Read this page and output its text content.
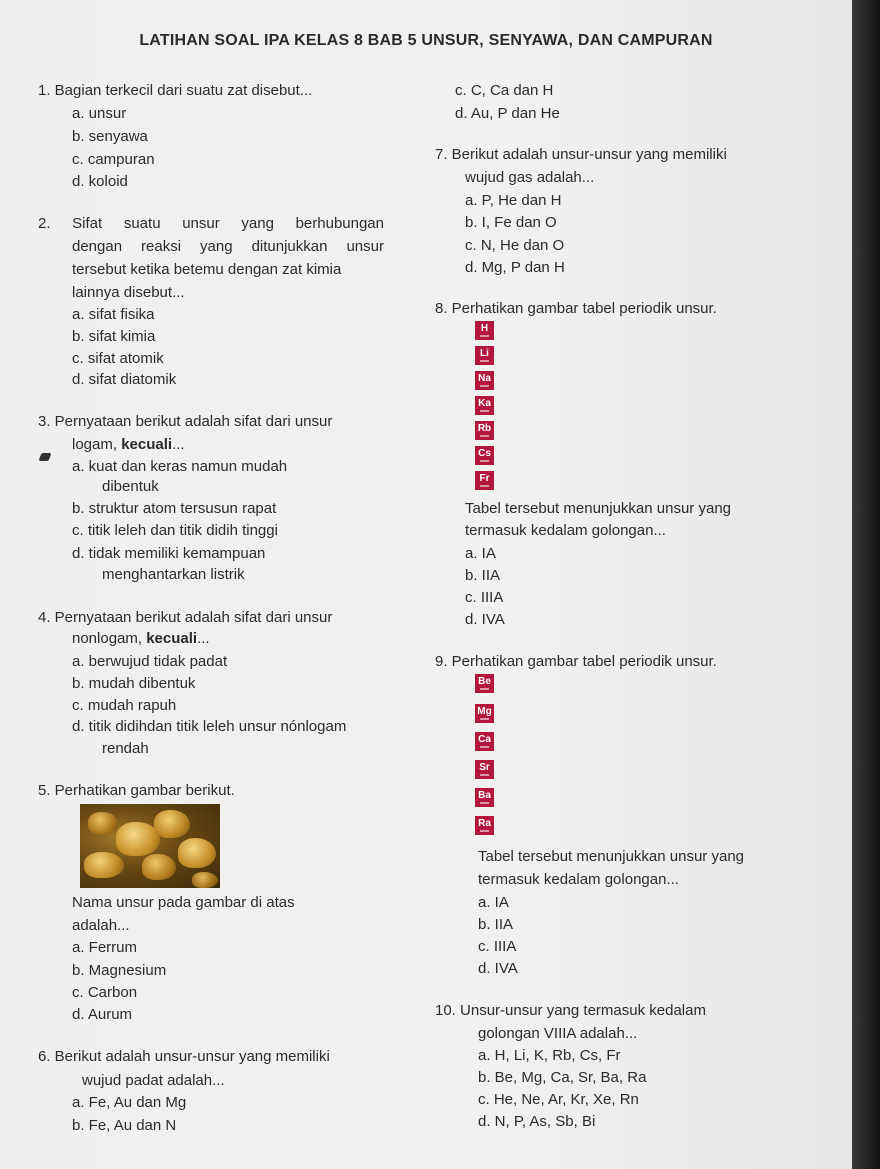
LATIHAN SOAL IPA KELAS 8 BAB 5 UNSUR, SENYAWA, DAN CAMPURAN
1. Bagian terkecil dari suatu zat disebut...
a. unsur
b. senyawa
c. campuran
d. koloid
2. Sifat suatu unsur yang berhubungan
dengan reaksi yang ditunjukkan unsur
tersebut ketika betemu dengan zat kimia
lainnya disebut...
a. sifat fisika
b. sifat kimia
c. sifat atomik
d. sifat diatomik
3. Pernyataan berikut adalah sifat dari unsur
logam, kecuali...
a. kuat dan keras namun mudah
dibentuk
b. struktur atom tersusun rapat
c. titik leleh dan titik didih tinggi
d. tidak memiliki kemampuan
menghantarkan listrik
4. Pernyataan berikut adalah sifat dari unsur
nonlogam, kecuali...
a. berwujud tidak padat
b. mudah dibentuk
c. mudah rapuh
d. titik didihdan titik leleh unsur nónlogam
rendah
5. Perhatikan gambar berikut.
Nama unsur pada gambar di atas
adalah...
a. Ferrum
b. Magnesium
c. Carbon
d. Aurum
6. Berikut adalah unsur-unsur yang memiliki
wujud padat adalah...
a. Fe, Au dan Mg
b. Fe, Au dan N
c. C, Ca dan H
d. Au, P dan He
7. Berikut adalah unsur-unsur yang memiliki
wujud gas adalah...
a. P, He dan H
b. I, Fe dan O
c. N, He dan O
d. Mg, P dan H
8. Perhatikan gambar tabel periodik unsur.
H
Li
Na
Ka
Rb
Cs
Fr
Tabel tersebut menunjukkan unsur yang
termasuk kedalam golongan...
a. IA
b. IIA
c. IIIA
d. IVA
9. Perhatikan gambar tabel periodik unsur.
Be
Mg
Ca
Sr
Ba
Ra
Tabel tersebut menunjukkan unsur yang
termasuk kedalam golongan...
a. IA
b. IIA
c. IIIA
d. IVA
10. Unsur-unsur yang termasuk kedalam
golongan VIIIA adalah...
a. H, Li, K, Rb, Cs, Fr
b. Be, Mg, Ca, Sr, Ba, Ra
c. He, Ne, Ar, Kr, Xe, Rn
d. N, P, As, Sb, Bi
